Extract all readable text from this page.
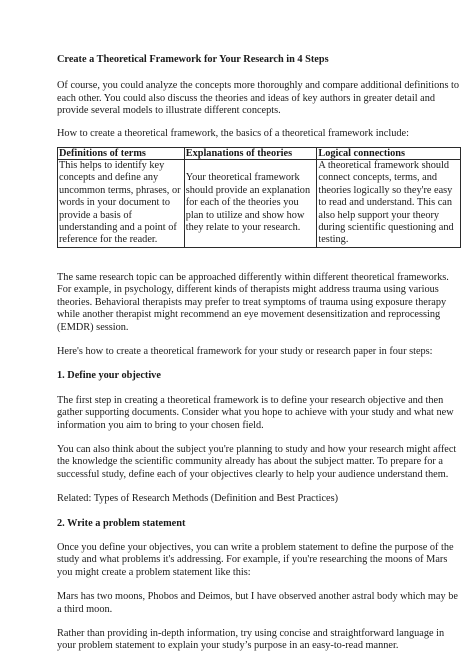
Create a Theoretical Framework for Your Research in 4 Steps

Of course, you could analyze the concepts more thoroughly and compare additional definitions to each other. You could also discuss the theories and ideas of key authors in greater detail and provide several models to illustrate different concepts.

How to create a theoretical framework, the basics of a theoretical framework include:

Definitions of terms	Explanations of theories	Logical connections
This helps to identify key concepts and define any uncommon terms, phrases, or words in your document to provide a basis of understanding and a point of reference for the reader.	Your theoretical framework should provide an explanation for each of the theories you plan to utilize and show how they relate to your research.	A theoretical framework should connect concepts, terms, and theories logically so they're easy to read and understand. This can also help support your theory during scientific questioning and testing.

The same research topic can be approached differently within different theoretical frameworks. For example, in psychology, different kinds of therapists might address trauma using various theories. Behavioral therapists may prefer to treat symptoms of trauma using exposure therapy while another therapist might recommend an eye movement desensitization and reprocessing (EMDR) session.

Here's how to create a theoretical framework for your study or research paper in four steps:

1. Define your objective

The first step in creating a theoretical framework is to define your research objective and then gather supporting documents. Consider what you hope to achieve with your study and what new information you aim to bring to your chosen field.

You can also think about the subject you're planning to study and how your research might affect the knowledge the scientific community already has about the subject matter. To prepare for a successful study, define each of your objectives clearly to help your audience understand them.

Related: Types of Research Methods (Definition and Best Practices)

2. Write a problem statement

Once you define your objectives, you can write a problem statement to define the purpose of the study and what problems it's addressing. For example, if you're researching the moons of Mars you might create a problem statement like this:

Mars has two moons, Phobos and Deimos, but I have observed another astral body which may be a third moon.

Rather than providing in-depth information, try using concise and straightforward language in your problem statement to explain your study’s purpose in an easy-to-read manner.
